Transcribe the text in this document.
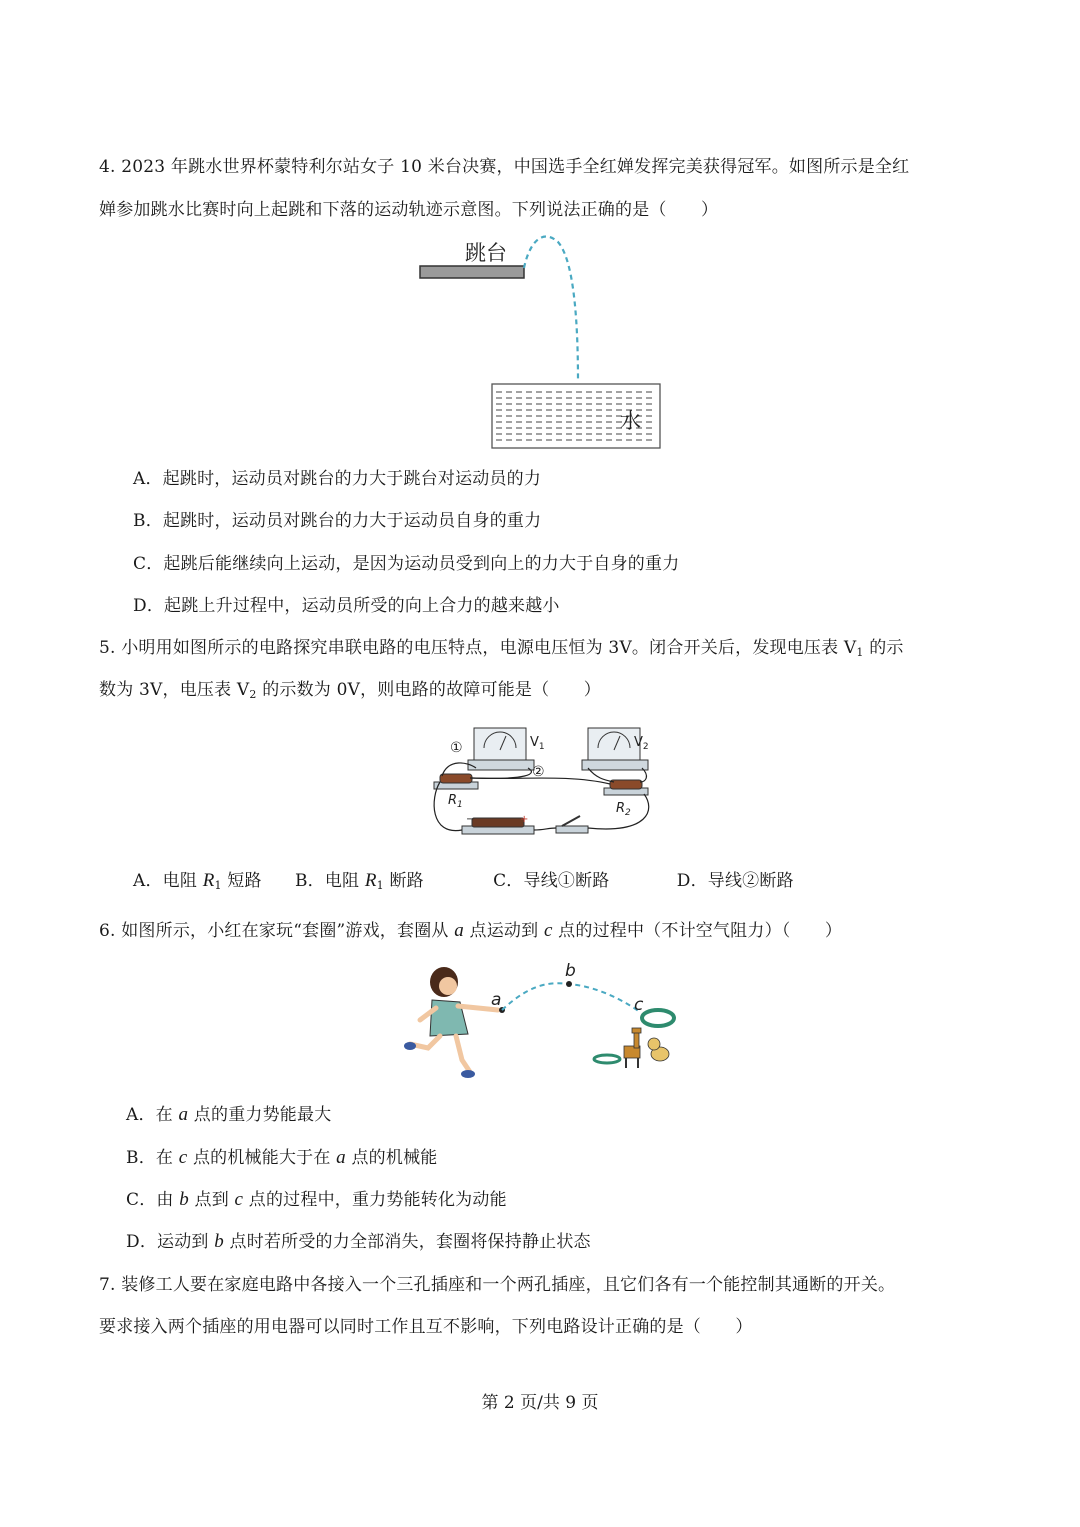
4. 2023 年跳水世界杯蒙特利尔站女子 10 米台决赛，中国选手全红婵发挥完美获得冠军。如图所示是全红
婵参加跳水比赛时向上起跳和下落的运动轨迹示意图。下列说法正确的是（　　）
跳台
水
A．起跳时，运动员对跳台的力大于跳台对运动员的力
B．起跳时，运动员对跳台的力大于运动员自身的重力
C．起跳后能继续向上运动，是因为运动员受到向上的力大于自身的重力
D．起跳上升过程中，运动员所受的向上合力的越来越小
5. 小明用如图所示的电路探究串联电路的电压特点，电源电压恒为 3V。闭合开关后，发现电压表 $V_1$ 的示
数为 3V，电压表 $V_2$ 的示数为 0V，则电路的故障可能是（　　）
$V_1$	$V_2$
①
②
$R_1$	$R_2$
−	+
A．电阻 $R_1$ 短路 B．电阻 $R_1$ 断路	C．导线①断路	D．导线②断路
6. 如图所示，小红在家玩“套圈”游戏，套圈从 a 点运动到 c 点的过程中（不计空气阻力）（　　）
a
b
c
A．在 a 点的重力势能最大
B．在 c 点的机械能大于在 a 点的机械能
C．由 b 点到 c 点的过程中，重力势能转化为动能
D．运动到 b 点时若所受的力全部消失，套圈将保持静止状态
7. 装修工人要在家庭电路中各接入一个三孔插座和一个两孔插座，且它们各有一个能控制其通断的开关。
要求接入两个插座的用电器可以同时工作且互不影响，下列电路设计正确的是（　　）
第 2 页/共 9 页
